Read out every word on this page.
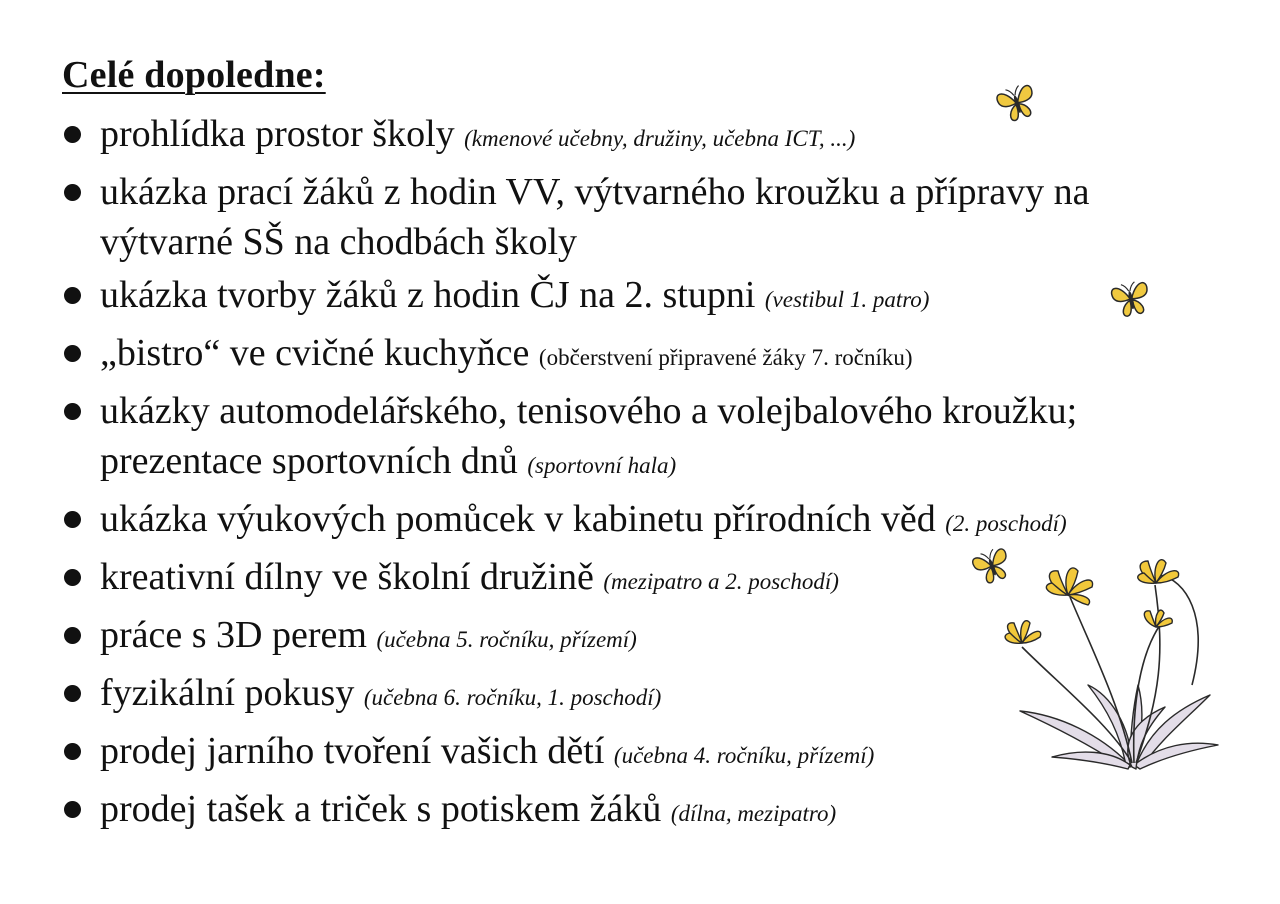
Celé dopoledne:
prohlídka prostor školy (kmenové učebny, družiny, učebna ICT, ...)
ukázka prací žáků z hodin VV, výtvarného kroužku a přípravy na výtvarné SŠ na chodbách školy
ukázka tvorby žáků z hodin ČJ na 2. stupni (vestibul 1. patro)
„bistro“ ve cvičné kuchyňce (občerstvení připravené žáky 7. ročníku)
ukázky automodelářského, tenisového a volejbalového kroužku; prezentace sportovních dnů (sportovní hala)
ukázka výukových pomůcek v kabinetu přírodních věd (2. poschodí)
kreativní dílny ve školní družině (mezipatro a 2. poschodí)
práce s 3D perem (učebna 5. ročníku, přízemí)
fyzikální pokusy (učebna 6. ročníku, 1. poschodí)
prodej jarního tvoření vašich dětí (učebna 4. ročníku, přízemí)
prodej tašek a triček s potiskem žáků (dílna, mezipatro)
